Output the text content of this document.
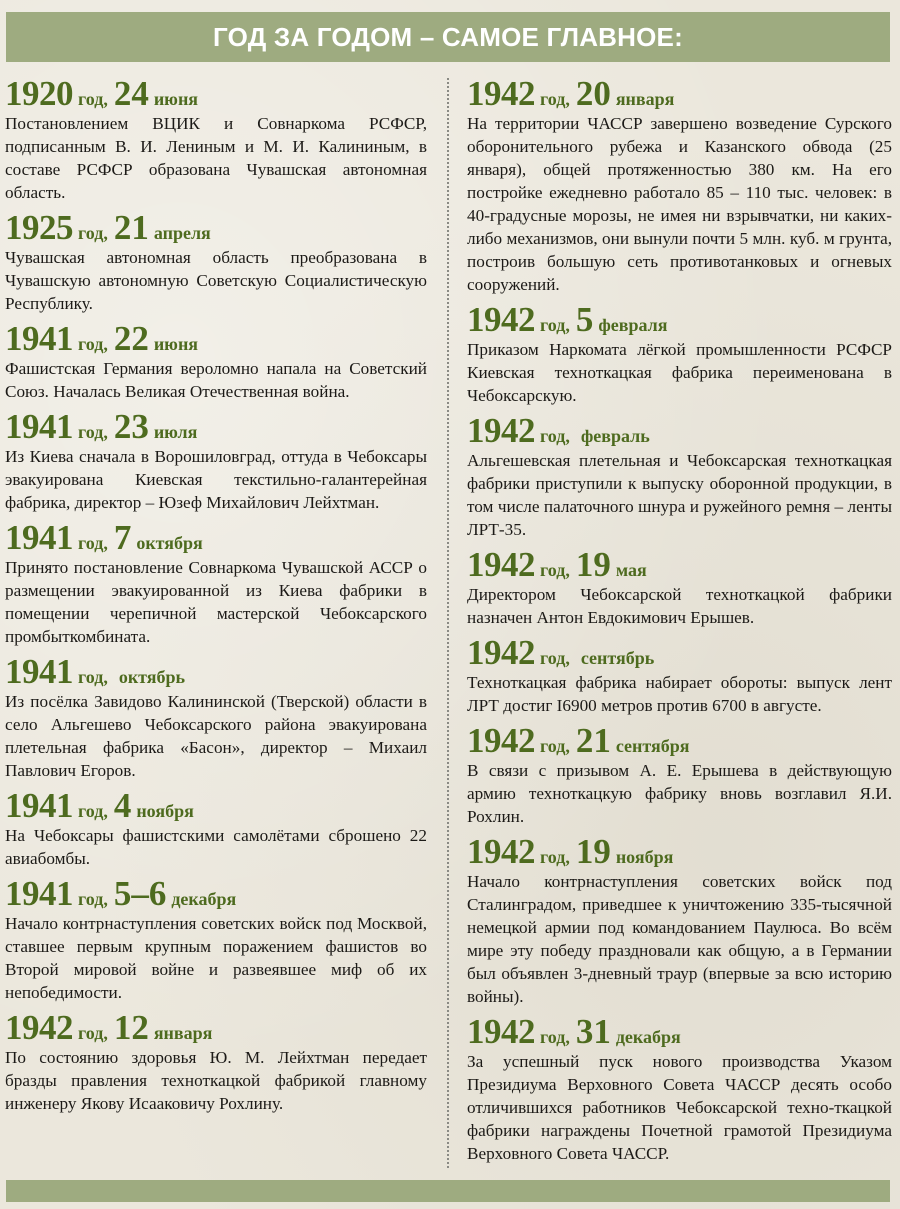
ГОД ЗА ГОДОМ – САМОЕ ГЛАВНОЕ:
1920 год, 24 июня

Постановлением ВЦИК и Совнаркома РСФСР, подписанным В. И. Лениным и М. И. Калининым, в составе РСФСР образована Чувашская автономная область.

1925 год, 21 апреля

Чувашская автономная область преобразована в Чувашскую автономную Советскую Социалистическую Республику.

1941 год, 22 июня

Фашистская Германия вероломно напала на Советский Союз. Началась Великая Отечественная война.

1941 год, 23 июля

Из Киева сначала в Ворошиловград, оттуда в Чебоксары эвакуирована Киевская текстильно-галантерейная фабрика, директор – Юзеф Михайлович Лейхтман.

1941 год, 7 октября

Принято постановление Совнаркома Чувашской АССР о размещении эвакуированной из Киева фабрики в помещении черепичной мастерской Чебоксарского промбыткомбината.

1941 год, октябрь

Из посёлка Завидово Калининской (Тверской) области в село Альгешево Чебоксарского района эвакуирована плетельная фабрика «Басон», директор – Михаил Павлович Егоров.

1941 год, 4 ноября

На Чебоксары фашистскими самолётами сброшено 22 авиабомбы.

1941 год, 5–6 декабря

Начало контрнаступления советских войск под Москвой, ставшее первым крупным поражением фашистов во Второй мировой войне и развеявшее миф об их непобедимости.

1942 год, 12 января

По состоянию здоровья Ю. М. Лейхтман передает бразды правления техноткацкой фабрикой главному инженеру Якову Исааковичу Рохлину.

1942 год, 20 января

На территории ЧАССР завершено возведение Сурского оборонительного рубежа и Казанского обвода (25 января), общей протяженностью 380 км. На его постройке ежедневно работало 85 – 110 тыс. человек: в 40-градусные морозы, не имея ни взрывчатки, ни каких-либо механизмов, они вынули почти 5 млн. куб. м грунта, построив большую сеть противотанковых и огневых сооружений.

1942 год, 5 февраля

Приказом Наркомата лёгкой промышленности РСФСР Киевская техноткацкая фабрика переименована в Чебоксарскую.

1942 год, февраль

Альгешевская плетельная и Чебоксарская техноткацкая фабрики приступили к выпуску оборонной продукции, в том числе палаточного шнура и ружейного ремня – ленты ЛРТ-35.

1942 год, 19 мая

Директором Чебоксарской техноткацкой фабрики назначен Антон Евдокимович Ерышев.

1942 год, сентябрь

Техноткацкая фабрика набирает обороты: выпуск лент ЛРТ достиг I6900 метров против 6700 в августе.

1942 год, 21 сентября

В связи с призывом А. Е. Ерышева в действующую армию техноткацкую фабрику вновь возглавил Я.И. Рохлин.

1942 год, 19 ноября

Начало контрнаступления советских войск под Сталинградом, приведшее к уничтожению 335-тысячной немецкой армии под командованием Паулюса. Во всём мире эту победу праздновали как общую, а в Германии был объявлен 3-дневный траур (впервые за всю историю войны).

1942 год, 31 декабря

За успешный пуск нового производства Указом Президиума Верховного Совета ЧАССР десять особо отличившихся работников Чебоксарской техно-ткацкой фабрики награждены Почетной грамотой Президиума Верховного Совета ЧАССР.
